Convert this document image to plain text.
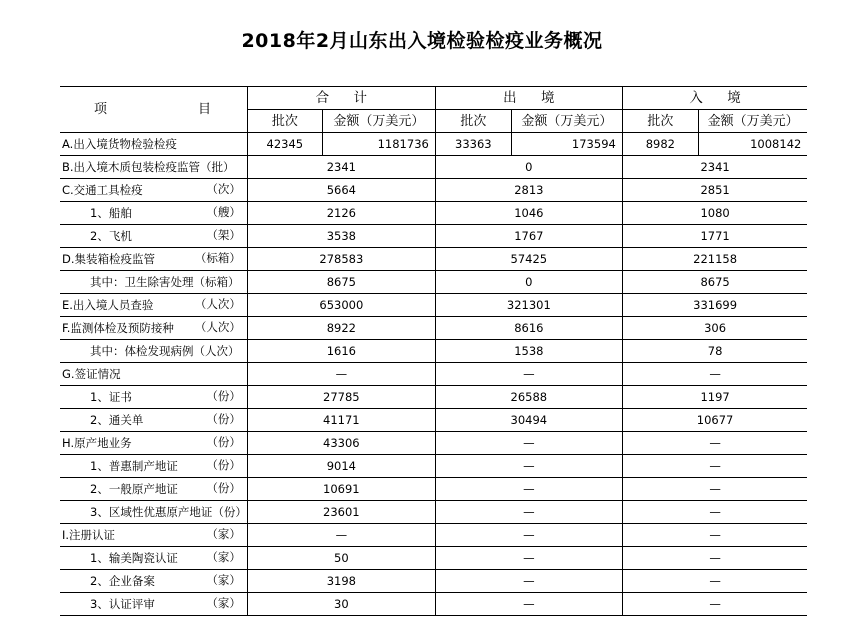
2018年2月山东出入境检验检疫业务概况
项 目	合 计		出 境		入 境	
	批次	金额（万美元）	批次	金额（万美元）	批次	金额（万美元）
A.出入境货物检验检疫	42345	1181736	33363	173594	8982	1008142
B.出入境木质包装检疫监管（批）	2341		0		2341	
C.交通工具检疫 （次）	5664		2813		2851	
1、船舶 （艘）	2126		1046		1080	
2、飞机 （架）	3538		1767		1771	
D.集装箱检疫监管 （标箱）	278583		57425		221158	
其中：卫生除害处理（标箱）	8675		0		8675	
E.出入境人员查验 （人次）	653000		321301		331699	
F.监测体检及预防接种 （人次）	8922		8616		306	
其中：体检发现病例（人次）	1616		1538		78	
G.签证情况	—		—		—	
1、证书 （份）	27785		26588		1197	
2、通关单 （份）	41171		30494		10677	
H.原产地业务 （份）	43306		—		—	
1、普惠制产地证 （份）	9014		—		—	
2、一般原产地证 （份）	10691		—		—	
3、区域性优惠原产地证（份）	23601		—		—	
I.注册认证 （家）	—		—		—	
1、输美陶瓷认证 （家）	50		—		—	
2、企业备案 （家）	3198		—		—	
3、认证评审 （家）	30		—		—	
